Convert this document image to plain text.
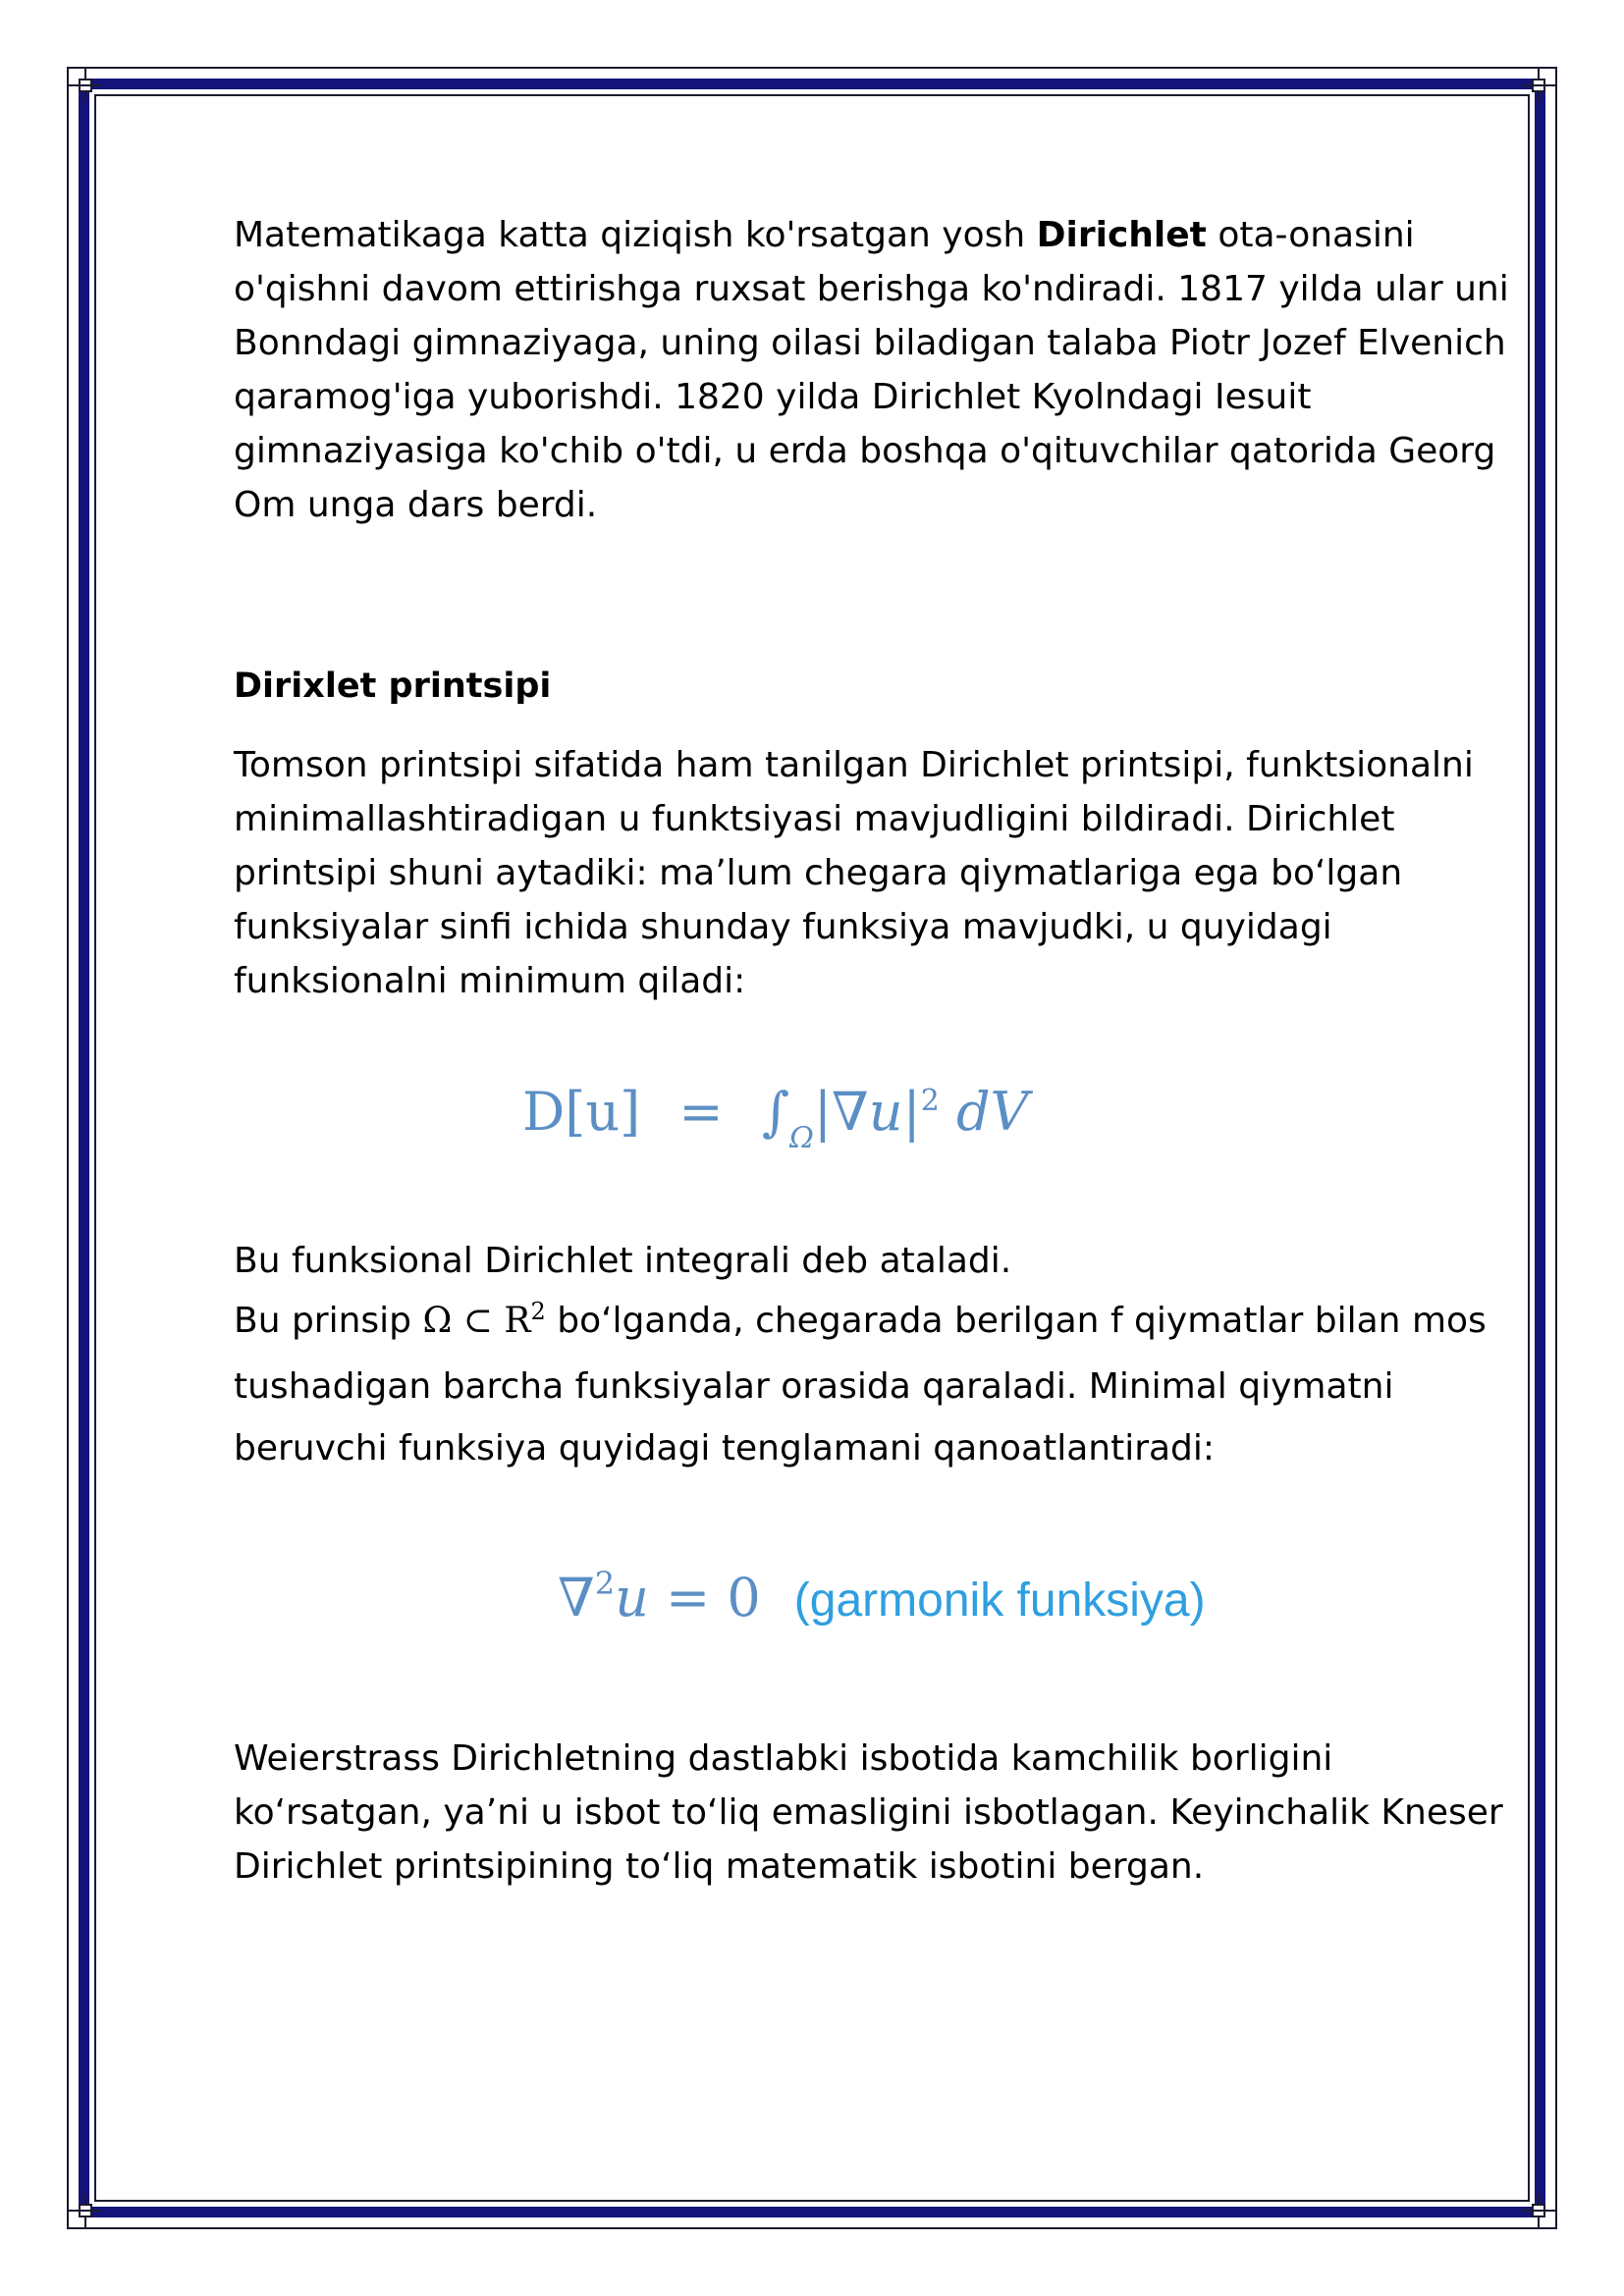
Matematikaga katta qiziqish ko'rsatgan yosh Dirichlet ota-onasini
o'qishni davom ettirishga ruxsat berishga ko'ndiradi. 1817 yilda ular uni
Bonndagi gimnaziyaga, uning oilasi biladigan talaba Piotr Jozef Elvenich
qaramog'iga yuborishdi. 1820 yilda Dirichlet Kyolndagi Iesuit
gimnaziyasiga ko'chib o'tdi, u erda boshqa o'qituvchilar qatorida Georg
Om unga dars berdi.
Dirixlet printsipi
Tomson printsipi sifatida ham tanilgan Dirichlet printsipi, funktsionalni
minimallashtiradigan u funktsiyasi mavjudligini bildiradi. Dirichlet
printsipi shuni aytadiki: ma’lum chegara qiymatlariga ega bo‘lgan
funksiyalar sinfi ichida shunday funksiya mavjudki, u quyidagi
funksionalni minimum qiladi:
$D[u] = \int_\Omega|\nabla u|^2$ dV

Bu funksional Dirichlet integrali deb ataladi.

Bu prinsip Ω ⊂ $R^2$ bo‘lganda, chegarada berilgan f qiymatlar bilan mos

tushadigan barcha funksiyalar orasida qaraladi. Minimal qiymatni

beruvchi funksiya quyidagi tenglamani qanoatlantiradi:

∇$^2$u = 0 (garmonik funksiya)
Weierstrass Dirichletning dastlabki isbotida kamchilik borligini
ko‘rsatgan, ya’ni u isbot to‘liq emasligini isbotlagan. Keyinchalik Kneser
Dirichlet printsipining to‘liq matematik isbotini bergan.
